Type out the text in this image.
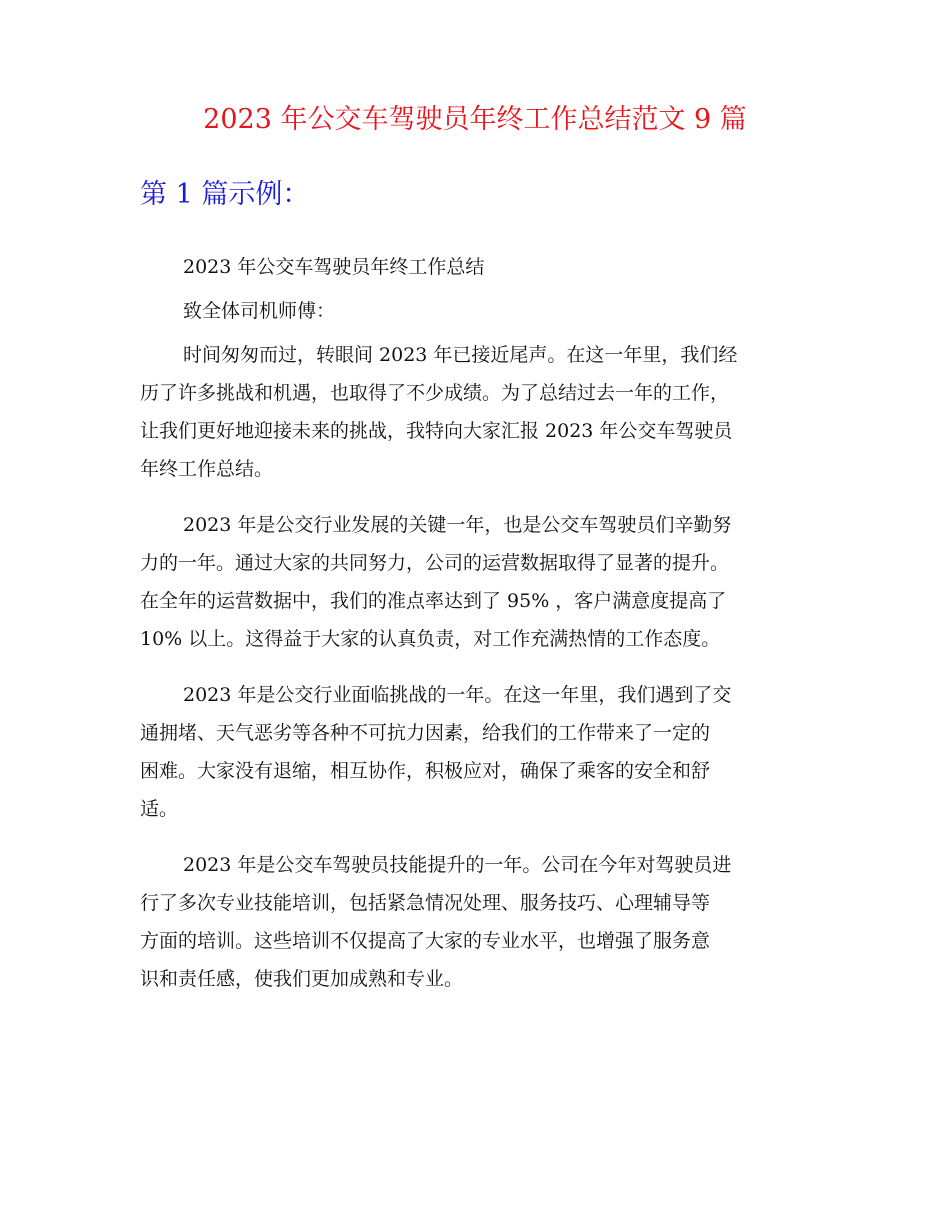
2023 年公交车驾驶员年终工作总结范文 9 篇
第 1 篇示例：

2023 年公交车驾驶员年终工作总结

致全体司机师傅：

时间匆匆而过，转眼间 2023 年已接近尾声。在这一年里，我们经
历了许多挑战和机遇，也取得了不少成绩。为了总结过去一年的工作，
让我们更好地迎接未来的挑战，我特向大家汇报 2023 年公交车驾驶员
年终工作总结。

2023 年是公交行业发展的关键一年，也是公交车驾驶员们辛勤努
力的一年。通过大家的共同努力，公司的运营数据取得了显著的提升。
在全年的运营数据中，我们的准点率达到了 95% ，客户满意度提高了
10% 以上。这得益于大家的认真负责，对工作充满热情的工作态度。

2023 年是公交行业面临挑战的一年。在这一年里，我们遇到了交
通拥堵、天气恶劣等各种不可抗力因素，给我们的工作带来了一定的
困难。大家没有退缩，相互协作，积极应对，确保了乘客的安全和舒
适。

2023 年是公交车驾驶员技能提升的一年。公司在今年对驾驶员进
行了多次专业技能培训，包括紧急情况处理、服务技巧、心理辅导等
方面的培训。这些培训不仅提高了大家的专业水平，也增强了服务意
识和责任感，使我们更加成熟和专业。
